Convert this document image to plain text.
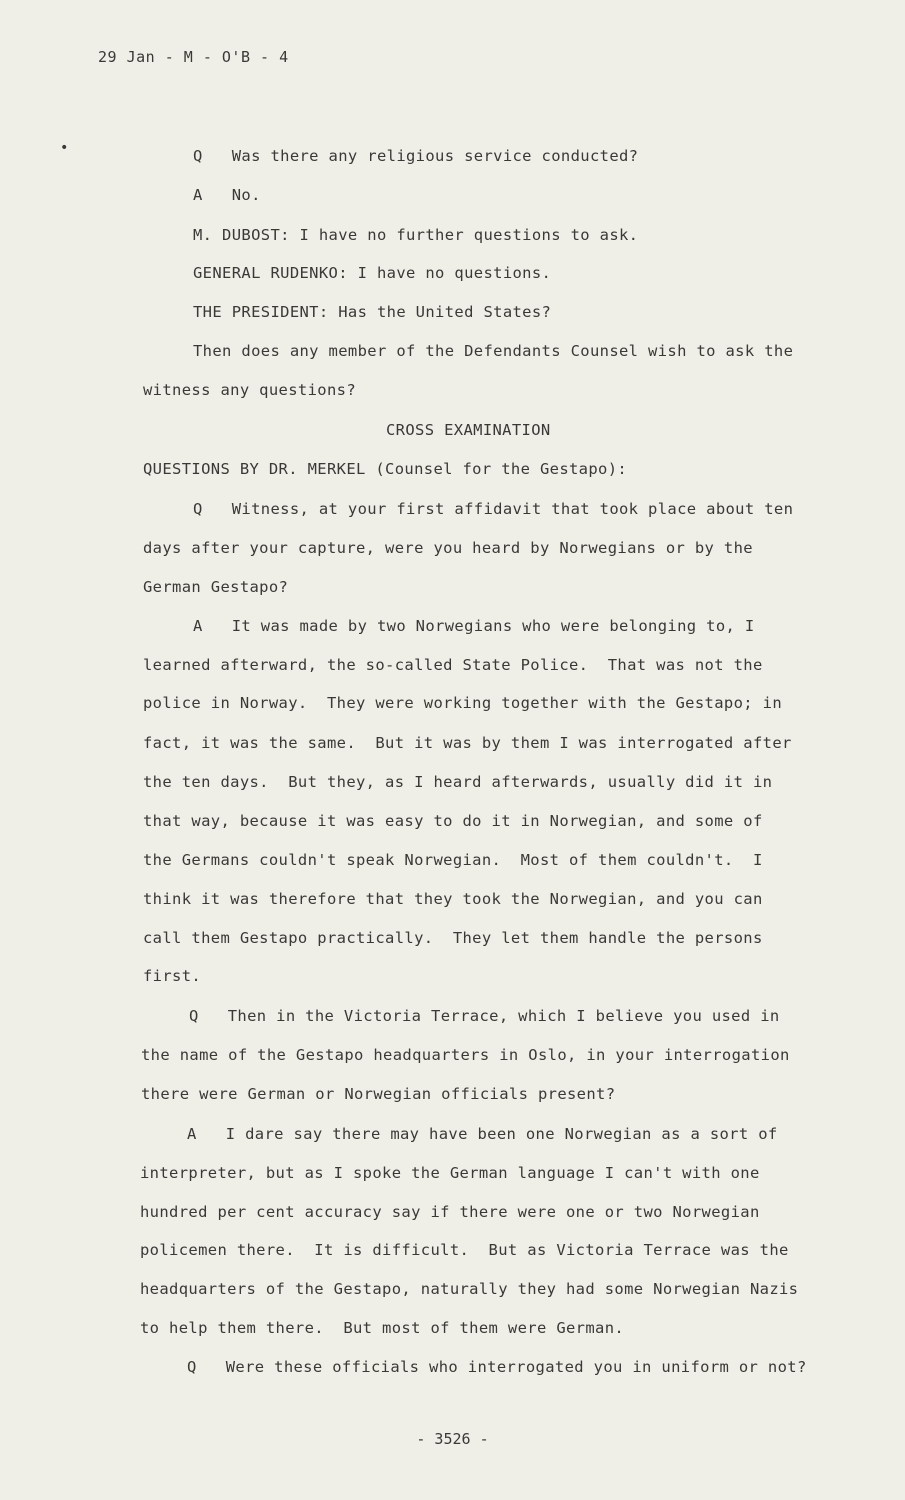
29 Jan - M - O'B - 4
•	Q   Was there any religious service conducted?
A   No.
M. DUBOST: I have no further questions to ask.
GENERAL RUDENKO: I have no questions.
THE PRESIDENT: Has the United States?
Then does any member of the Defendants Counsel wish to ask the
witness any questions?
CROSS EXAMINATION
QUESTIONS BY DR. MERKEL (Counsel for the Gestapo):
Q   Witness, at your first affidavit that took place about ten
days after your capture, were you heard by Norwegians or by the
German Gestapo?
A   It was made by two Norwegians who were belonging to, I
learned afterward, the so-called State Police.  That was not the
police in Norway.  They were working together with the Gestapo; in
fact, it was the same.  But it was by them I was interrogated after
the ten days.  But they, as I heard afterwards, usually did it in
that way, because it was easy to do it in Norwegian, and some of
the Germans couldn't speak Norwegian.  Most of them couldn't.  I
think it was therefore that they took the Norwegian, and you can
call them Gestapo practically.  They let them handle the persons
first.
Q   Then in the Victoria Terrace, which I believe you used in
the name of the Gestapo headquarters in Oslo, in your interrogation
there were German or Norwegian officials present?
A   I dare say there may have been one Norwegian as a sort of
interpreter, but as I spoke the German language I can't with one
hundred per cent accuracy say if there were one or two Norwegian
policemen there.  It is difficult.  But as Victoria Terrace was the
headquarters of the Gestapo, naturally they had some Norwegian Nazis
to help them there.  But most of them were German.
Q   Were these officials who interrogated you in uniform or not?
- 3526 -
